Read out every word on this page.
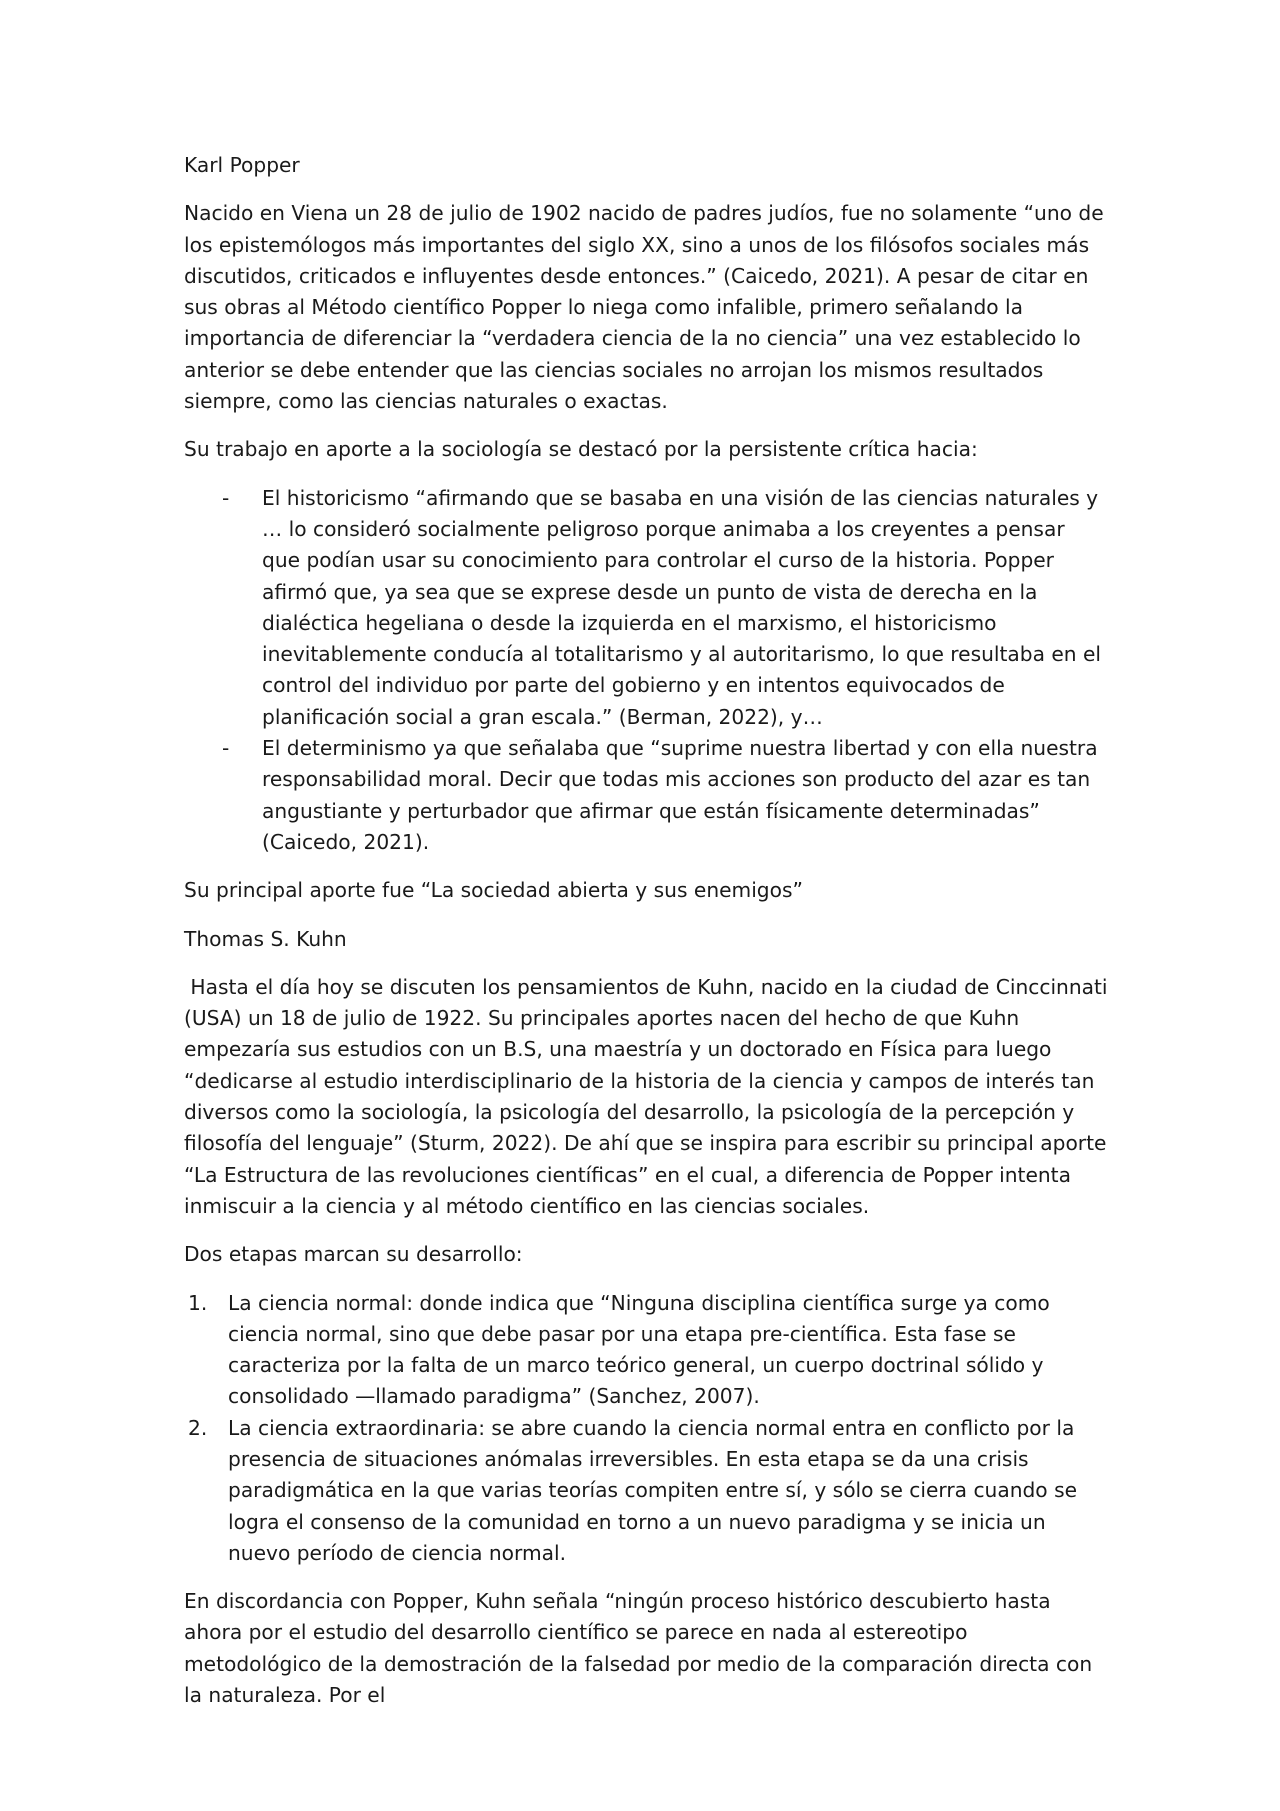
Karl Popper

Nacido en Viena un 28 de julio de 1902 nacido de padres judíos, fue no solamente “uno de los epistemólogos más importantes del siglo XX, sino a unos de los filósofos sociales más discutidos, criticados e influyentes desde entonces.” (Caicedo, 2021). A pesar de citar en sus obras al Método científico Popper lo niega como infalible, primero señalando la importancia de diferenciar la “verdadera ciencia de la no ciencia” una vez establecido lo anterior se debe entender que las ciencias sociales no arrojan los mismos resultados siempre, como las ciencias naturales o exactas.

Su trabajo en aporte a la sociología se destacó por la persistente crítica hacia:

- El historicismo “afirmando que se basaba en una visión de las ciencias naturales y … lo consideró socialmente peligroso porque animaba a los creyentes a pensar que podían usar su conocimiento para controlar el curso de la historia. Popper afirmó que, ya sea que se exprese desde un punto de vista de derecha en la dialéctica hegeliana o desde la izquierda en el marxismo, el historicismo inevitablemente conducía al totalitarismo y al autoritarismo, lo que resultaba en el control del individuo por parte del gobierno y en intentos equivocados de planificación social a gran escala.” (Berman, 2022), y…
- El determinismo ya que señalaba que “suprime nuestra libertad y con ella nuestra responsabilidad moral. Decir que todas mis acciones son producto del azar es tan angustiante y perturbador que afirmar que están físicamente determinadas” (Caicedo, 2021).

Su principal aporte fue “La sociedad abierta y sus enemigos”

Thomas S. Kuhn

Hasta el día hoy se discuten los pensamientos de Kuhn, nacido en la ciudad de Cinccinnati (USA) un 18 de julio de 1922. Su principales aportes nacen del hecho de que Kuhn empezaría sus estudios con un B.S, una maestría y un doctorado en Física para luego “dedicarse al estudio interdisciplinario de la historia de la ciencia y campos de interés tan diversos como la sociología, la psicología del desarrollo, la psicología de la percepción y filosofía del lenguaje” (Sturm, 2022). De ahí que se inspira para escribir su principal aporte “La Estructura de las revoluciones científicas” en el cual, a diferencia de Popper intenta inmiscuir a la ciencia y al método científico en las ciencias sociales.

Dos etapas marcan su desarrollo:

1. La ciencia normal: donde indica que “Ninguna disciplina científica surge ya como ciencia normal, sino que debe pasar por una etapa pre-científica. Esta fase se caracteriza por la falta de un marco teórico general, un cuerpo doctrinal sólido y consolidado —llamado paradigma” (Sanchez, 2007).
2. La ciencia extraordinaria: se abre cuando la ciencia normal entra en conflicto por la presencia de situaciones anómalas irreversibles. En esta etapa se da una crisis paradigmática en la que varias teorías compiten entre sí, y sólo se cierra cuando se logra el consenso de la comunidad en torno a un nuevo paradigma y se inicia un nuevo período de ciencia normal.

En discordancia con Popper, Kuhn señala “ningún proceso histórico descubierto hasta ahora por el estudio del desarrollo científico se parece en nada al estereotipo metodológico de la demostración de la falsedad por medio de la comparación directa con la naturaleza. Por el
